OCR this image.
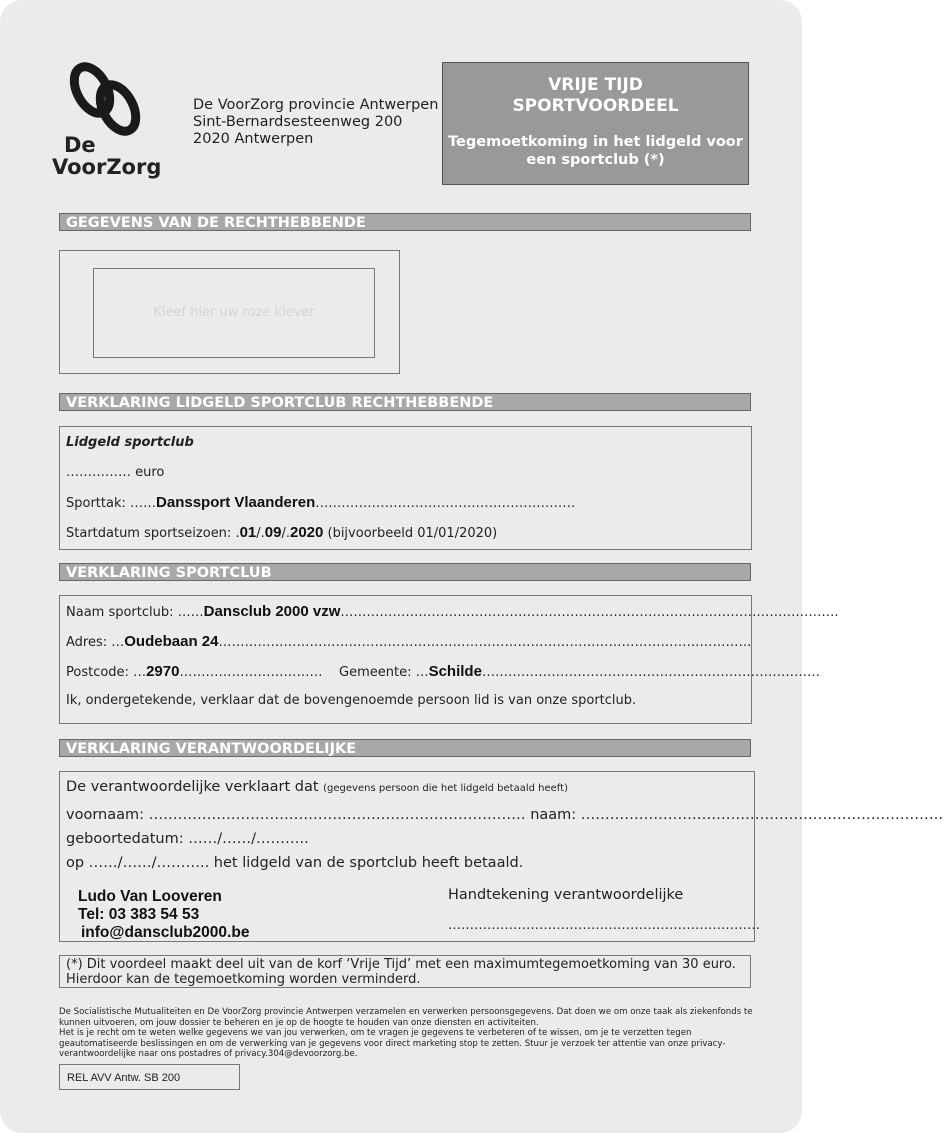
De
VoorZorg
De VoorZorg provincie Antwerpen
Sint-Bernardsesteenweg 200
2020 Antwerpen
VRIJE TIJD
SPORTVOORDEEL
Tegemoetkoming in het lidgeld voor
een sportclub (*)
GEGEVENS VAN DE RECHTHEBBENDE
Kleef hier uw roze klever
VERKLARING LIDGELD SPORTCLUB RECHTHEBBENDE
Lidgeld sportclub
…………… euro
Sporttak: ……Danssport Vlaanderen……………………………………………………
Startdatum sportseizoen: .01/.09/.2020 (bijvoorbeeld 01/01/2020)
VERKLARING SPORTCLUB
Naam sportclub: ……Dansclub 2000 vzw…………………………………………………………………………………………………….
Adres: …Oudebaan 24……………………………………………………………………………………………………………
Postcode: …2970…………………………… Gemeente: …Schilde……………………………………………………………………
Ik, ondergetekende, verklaar dat de bovengenoemde persoon lid is van onze sportclub.
VERKLARING VERANTWOORDELIJKE
De verantwoordelijke verklaart dat (gegevens persoon die het lidgeld betaald heeft)
voornaam: …………………………………………………………………… naam: …………………………………………………………………
geboortedatum: ……/……/………..
op ……/……/……….. het lidgeld van de sportclub heeft betaald.
Ludo Van Looveren
Tel: 03 383 54 53
info@dansclub2000.be
Handtekening verantwoordelijke
………………………………………………………………
(*) Dit voordeel maakt deel uit van de korf ‘Vrije Tijd’ met een maximumtegemoetkoming van 30 euro.
Hierdoor kan de tegemoetkoming worden verminderd.
De Socialistische Mutualiteiten en De VoorZorg provincie Antwerpen verzamelen en verwerken persoonsgegevens. Dat doen we om onze taak als ziekenfonds te kunnen uitvoeren, om jouw dossier te beheren en je op de hoogte te houden van onze diensten en activiteiten.
Het is je recht om te weten welke gegevens we van jou verwerken, om te vragen je gegevens te verbeteren of te wissen, om je te verzetten tegen geautomatiseerde beslissingen en om de verwerking van je gegevens voor direct marketing stop te zetten. Stuur je verzoek ter attentie van onze privacy-verantwoordelijke naar ons postadres of privacy.304@devoorzorg.be.
REL AVV Antw. SB 200
